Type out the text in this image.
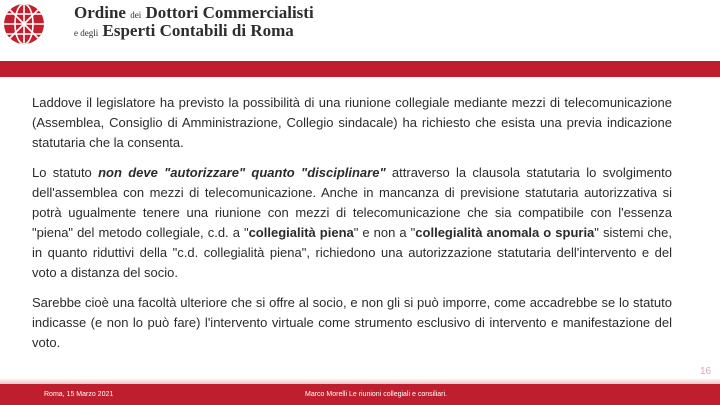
Ordine dei Dottori Commercialisti
e degli Esperti Contabili di Roma

Laddove il legislatore ha previsto la possibilità di una riunione collegiale mediante mezzi di telecomunicazione (Assemblea, Consiglio di Amministrazione, Collegio sindacale) ha richiesto che esista una previa indicazione statutaria che la consenta.

Lo statuto non deve "autorizzare" quanto "disciplinare" attraverso la clausola statutaria lo svolgimento dell'assemblea con mezzi di telecomunicazione. Anche in mancanza di previsione statutaria autorizzativa si potrà ugualmente tenere una riunione con mezzi di telecomunicazione che sia compatibile con l'essenza "piena" del metodo collegiale, c.d. a "collegialità piena" e non a "collegialità anomala o spuria" sistemi che, in quanto riduttivi della "c.d. collegialità piena", richiedono una autorizzazione statutaria dell'intervento e del voto a distanza del socio.

Sarebbe cioè una facoltà ulteriore che si offre al socio, e non gli si può imporre, come accadrebbe se lo statuto indicasse (e non lo può fare) l'intervento virtuale come strumento esclusivo di intervento e manifestazione del voto.

16
Roma, 15 Marzo 2021	Marco Morelli Le riunioni collegiali e consiliari.
